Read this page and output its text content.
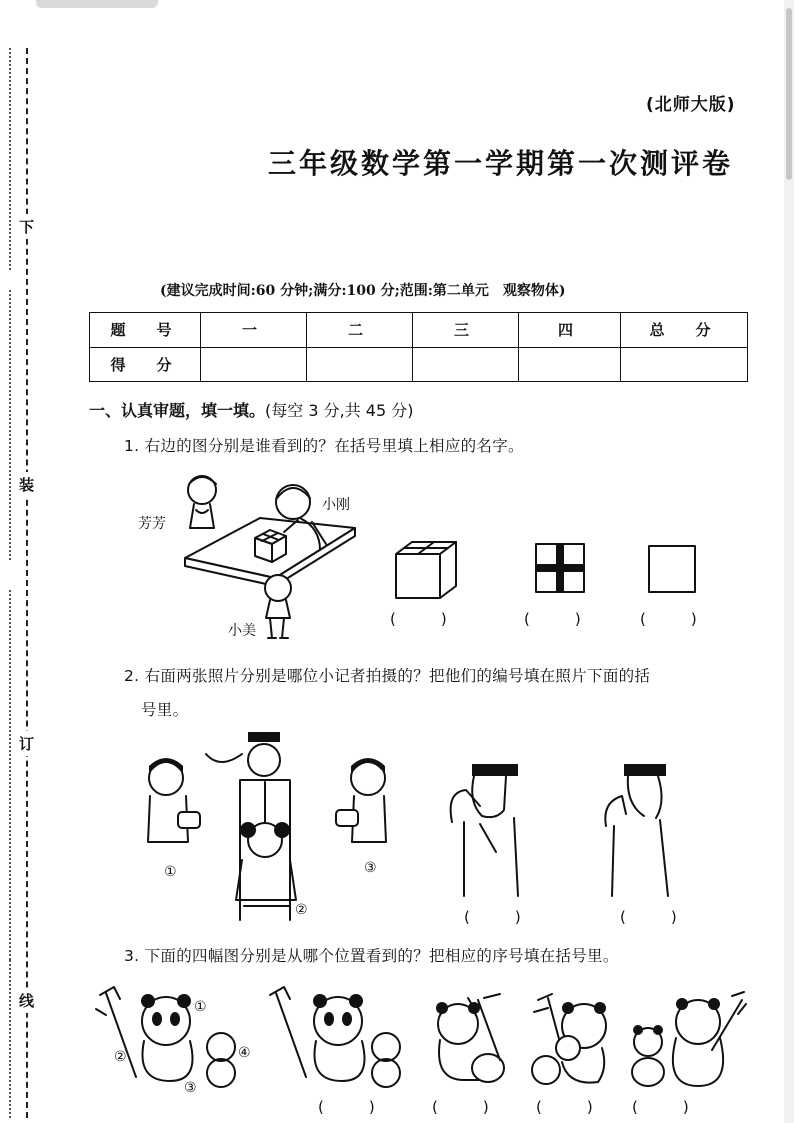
下
装
订
线
(北师大版)
三年级数学第一学期第一次测评卷
(建议完成时间:60 分钟;满分:100 分;范围:第二单元　观察物体)
题　号	一	二	三	四	总　分
得　分					
一、认真审题，填一填。(每空 3 分,共 45 分)
1. 右边的图分别是谁看到的？在括号里填上相应的名字。
芳芳
小刚
小美
(　　　)	(　　　)	(　　　)
2. 右面两张照片分别是哪位小记者拍摄的？把他们的编号填在照片下面的括
号里。
①
②
③
(　　　)	(　　　)
3. 下面的四幅图分别是从哪个位置看到的？把相应的序号填在括号里。
①
②
③
④
(　　　)	(　　　)	(　　　)	(　　　)
